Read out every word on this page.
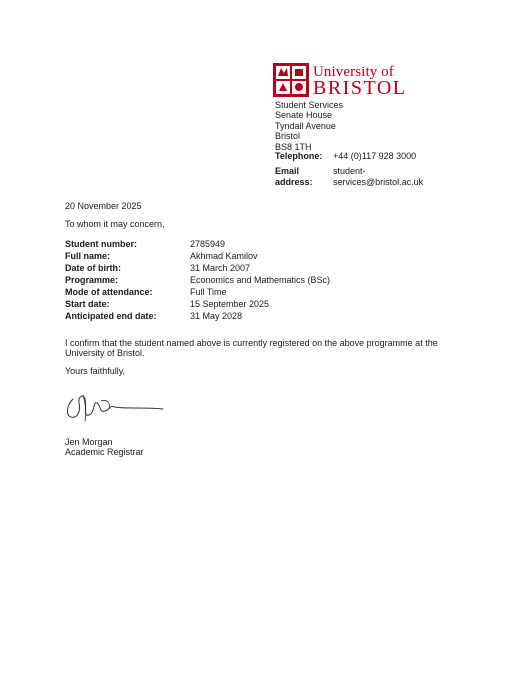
University of
BRISTOL
Student Services
Senate House
Tyndall Avenue
Bristol
BS8 1TH
Telephone:	+44 (0)117 928 3000
Email address:
student-services@bristol.ac.uk
20 November 2025
To whom it may concern,
Student number:	2785949
Full name:	Akhmad Kamilov
Date of birth:	31 March 2007
Programme:	Economics and Mathematics (BSc)
Mode of attendance:	Full Time
Start date:	15 September 2025
Anticipated end date:	31 May 2028
I confirm that the student named above is currently registered on the above programme at the University of Bristol.
Yours faithfully,
Jen Morgan
Academic Registrar
